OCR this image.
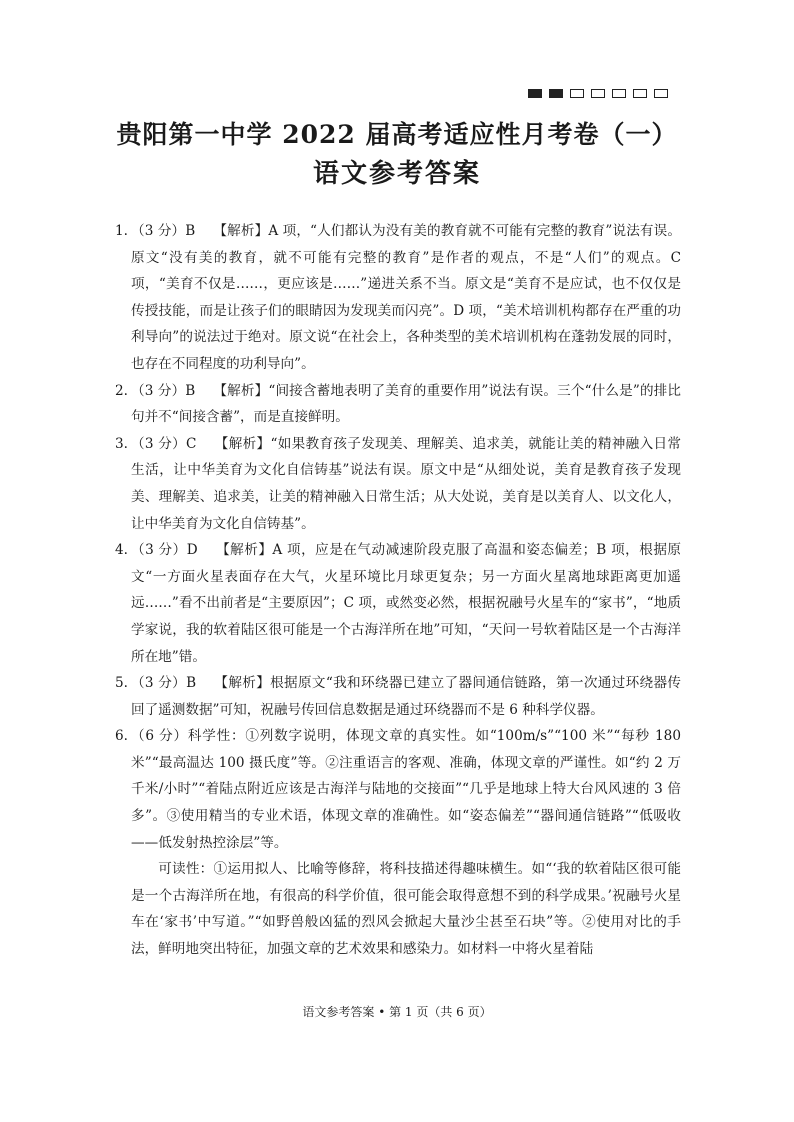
贵阳第一中学 2022 届高考适应性月考卷（一）
语文参考答案
1. （3 分）B 【解析】A 项，“人们都认为没有美的教育就不可能有完整的教育”说法有误。原文“没有美的教育，就不可能有完整的教育”是作者的观点，不是“人们”的观点。C 项，“美育不仅是……，更应该是……”递进关系不当。原文是“美育不是应试，也不仅仅是传授技能，而是让孩子们的眼睛因为发现美而闪亮”。D 项，“美术培训机构都存在严重的功利导向”的说法过于绝对。原文说“在社会上，各种类型的美术培训机构在蓬勃发展的同时，也存在不同程度的功利导向”。
2. （3 分）B 【解析】“间接含蓄地表明了美育的重要作用”说法有误。三个“什么是”的排比句并不“间接含蓄”，而是直接鲜明。
3. （3 分）C 【解析】“如果教育孩子发现美、理解美、追求美，就能让美的精神融入日常生活，让中华美育为文化自信铸基”说法有误。原文中是“从细处说，美育是教育孩子发现美、理解美、追求美，让美的精神融入日常生活；从大处说，美育是以美育人、以文化人，让中华美育为文化自信铸基”。
4. （3 分）D 【解析】A 项，应是在气动减速阶段克服了高温和姿态偏差；B 项，根据原文“一方面火星表面存在大气，火星环境比月球更复杂；另一方面火星离地球距离更加遥远……”看不出前者是“主要原因”；C 项，或然变必然，根据祝融号火星车的“家书”，“地质学家说，我的软着陆区很可能是一个古海洋所在地”可知，“天问一号软着陆区是一个古海洋所在地”错。
5. （3 分）B 【解析】根据原文“我和环绕器已建立了器间通信链路，第一次通过环绕器传回了遥测数据”可知，祝融号传回信息数据是通过环绕器而不是 6 种科学仪器。
6. （6 分）科学性：①列数字说明，体现文章的真实性。如“100m/s”“100 米”“每秒 180 米”“最高温达 100 摄氏度”等。②注重语言的客观、准确，体现文章的严谨性。如“约 2 万千米/小时”“着陆点附近应该是古海洋与陆地的交接面”“几乎是地球上特大台风风速的 3 倍多”。③使用精当的专业术语，体现文章的准确性。如“姿态偏差”“器间通信链路”“低吸收——低发射热控涂层”等。

可读性：①运用拟人、比喻等修辞，将科技描述得趣味横生。如“‘我的软着陆区很可能是一个古海洋所在地，有很高的科学价值，很可能会取得意想不到的科学成果。’祝融号火星车在‘家书’中写道。”“如野兽般凶猛的烈风会掀起大量沙尘甚至石块”等。②使用对比的手法，鲜明地突出特征，加强文章的艺术效果和感染力。如材料一中将火星着陆

语文参考答案 • 第 1 页（共 6 页）
